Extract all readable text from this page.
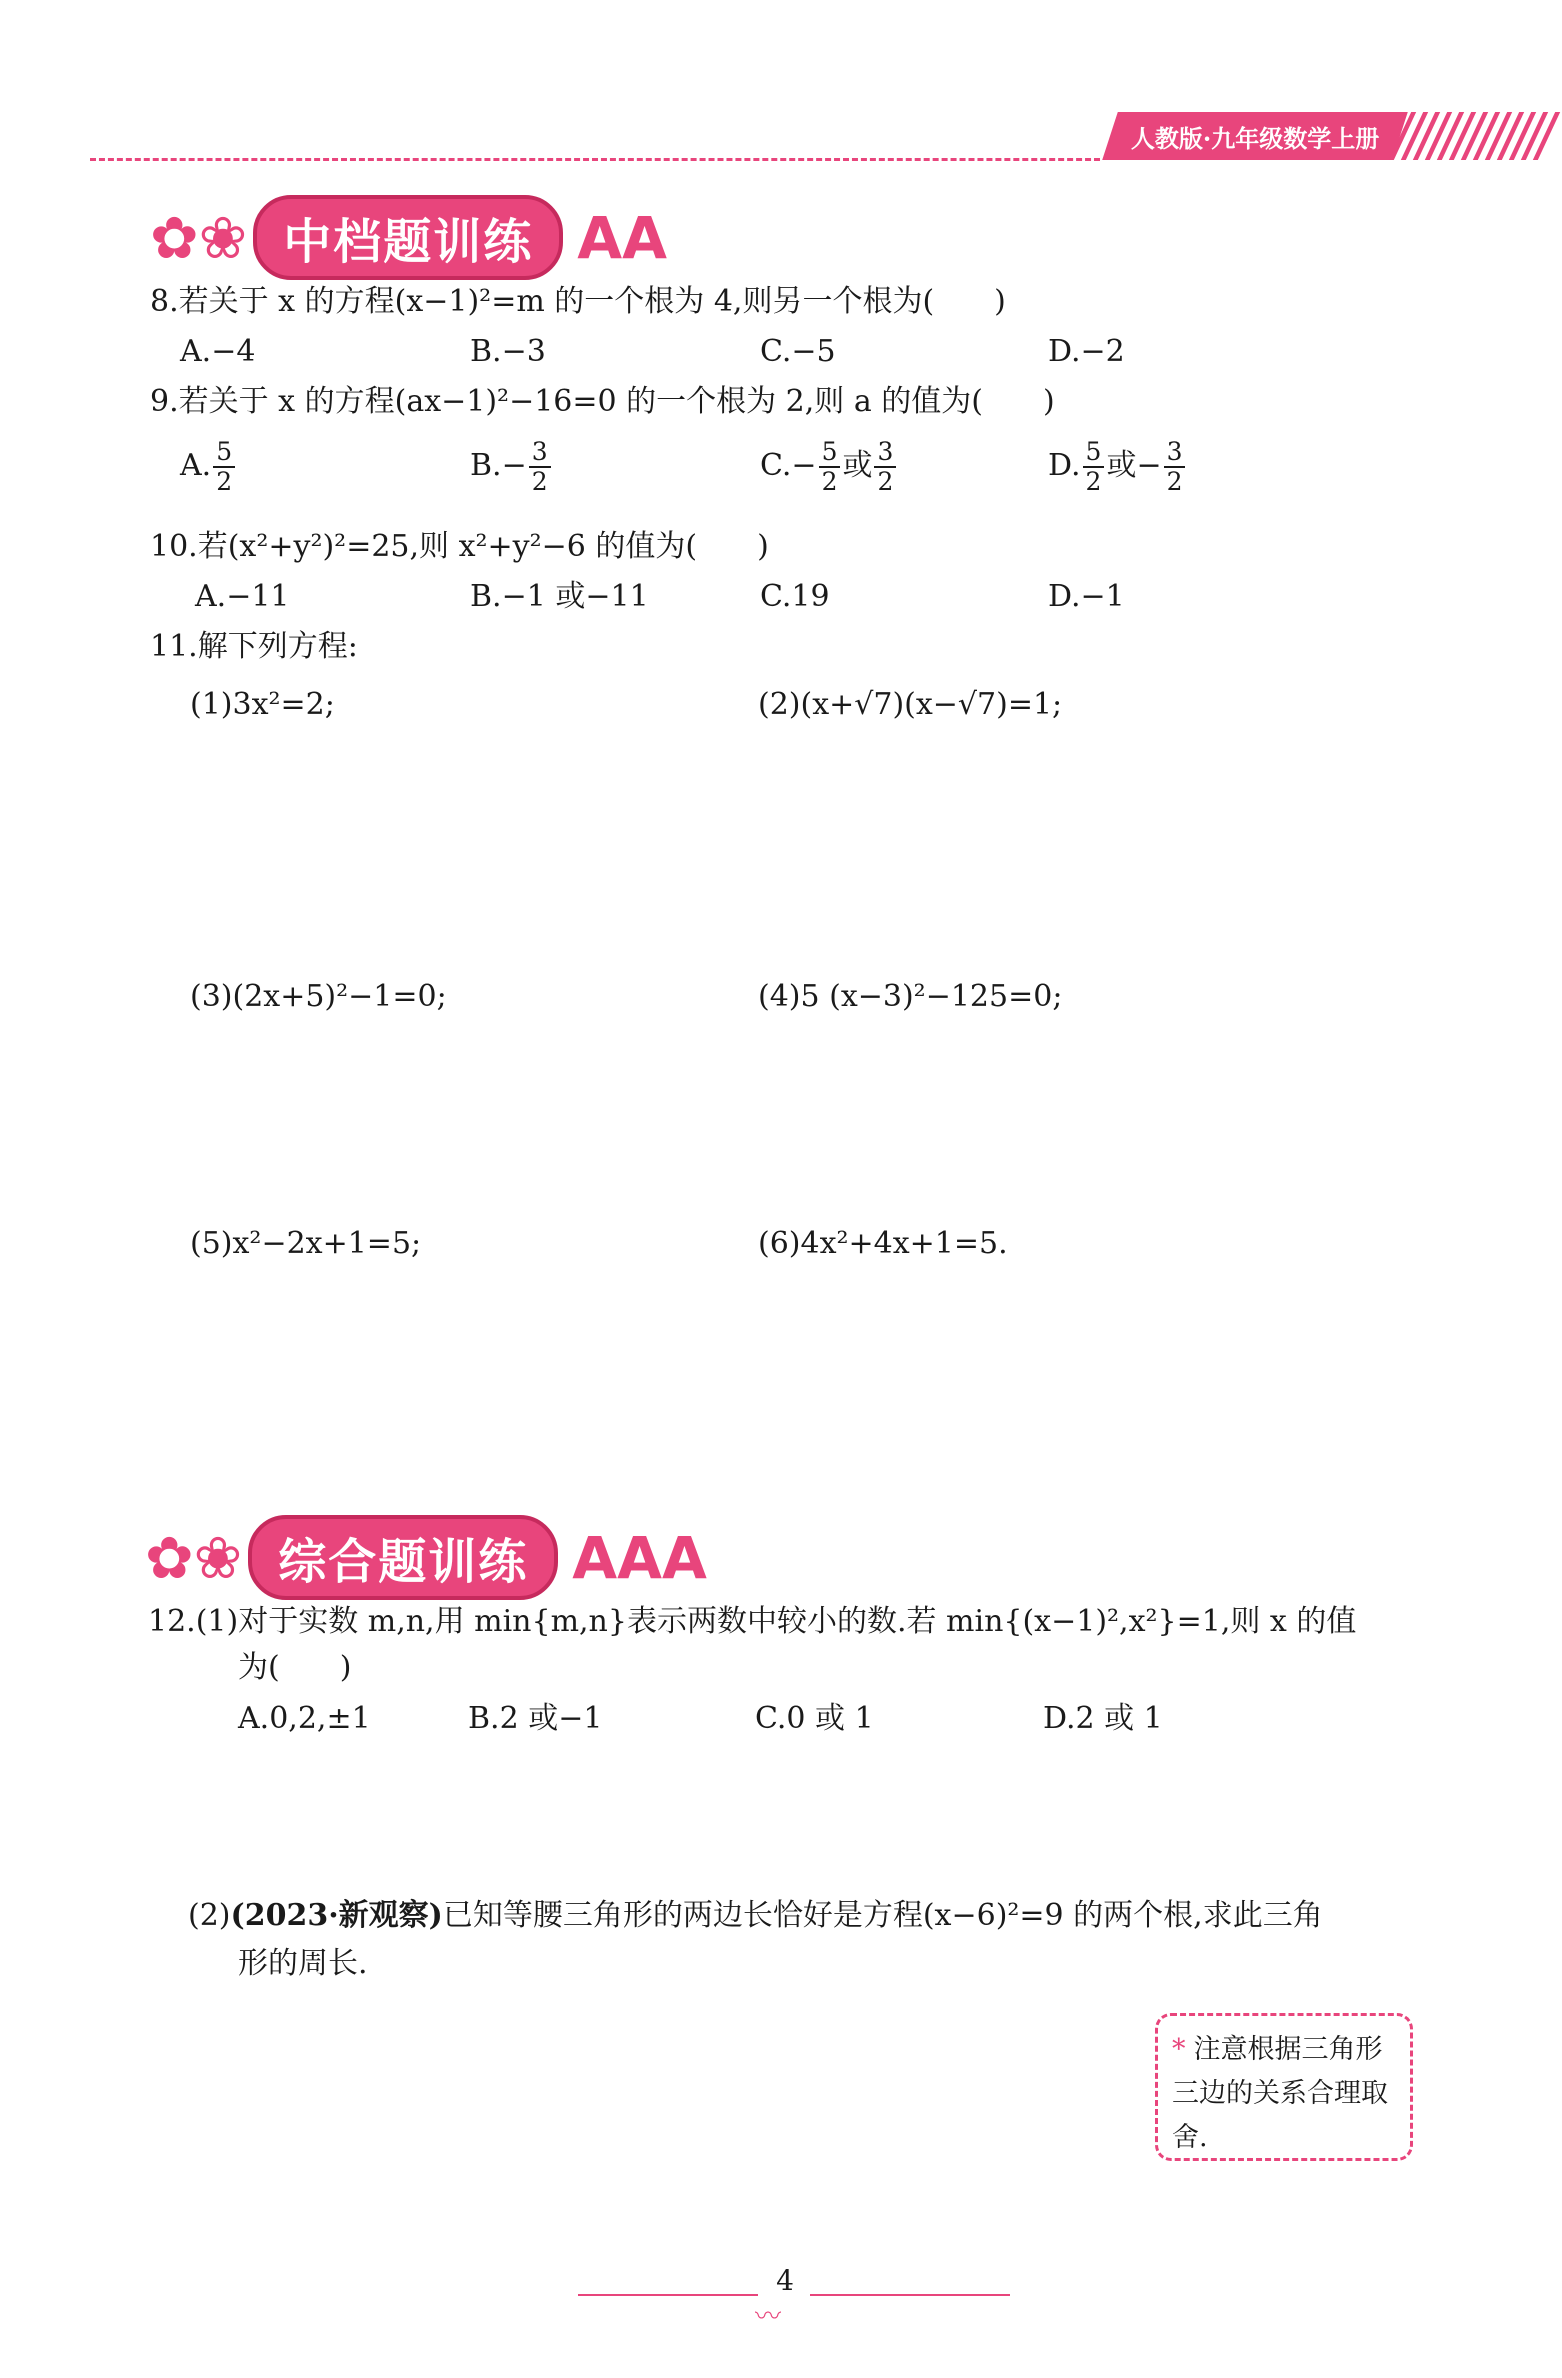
人教版·九年级数学上册
✿❀ 中档题训练 AA
8.若关于 x 的方程(x−1)²=m 的一个根为 4,则另一个根为(　　)
A.−4	B.−3	C.−5	D.−2
9.若关于 x 的方程(ax−1)²−16=0 的一个根为 2,则 a 的值为(　　)
A. $\frac{5}{2}$	$B.- \frac{3}{2}$	$C.- \frac{5}{2}$ 或 $\frac{3}{2}$	D. $\frac{5}{2}$ 或− $\frac{3}{2}$
10.若(x²+y²)²=25,则 x²+y²−6 的值为(　　)
A.−11	B.−1 或−11	C.19	D.−1
11.解下列方程:
(1)3x²=2;	(2)(x+√7)(x−√7)=1;
(3)(2x+5)²−1=0;	(4)5 (x−3)²−125=0;
(5)x²−2x+1=5;	(6)4x²+4x+1=5.
✿❀ 综合题训练 AAA
12.(1)对于实数 m,n,用 min{m,n}表示两数中较小的数.若 min{(x−1)²,x²}=1,则 x 的值
为(　　)
A.0,2,±1	B.2 或−1	C.0 或 1	D.2 或 1
(2)(2023·新观察)已知等腰三角形的两边长恰好是方程(x−6)²=9 的两个根,求此三角
形的周长.
* 注意根据三角形三边的关系合理取舍.
4
〰︎
